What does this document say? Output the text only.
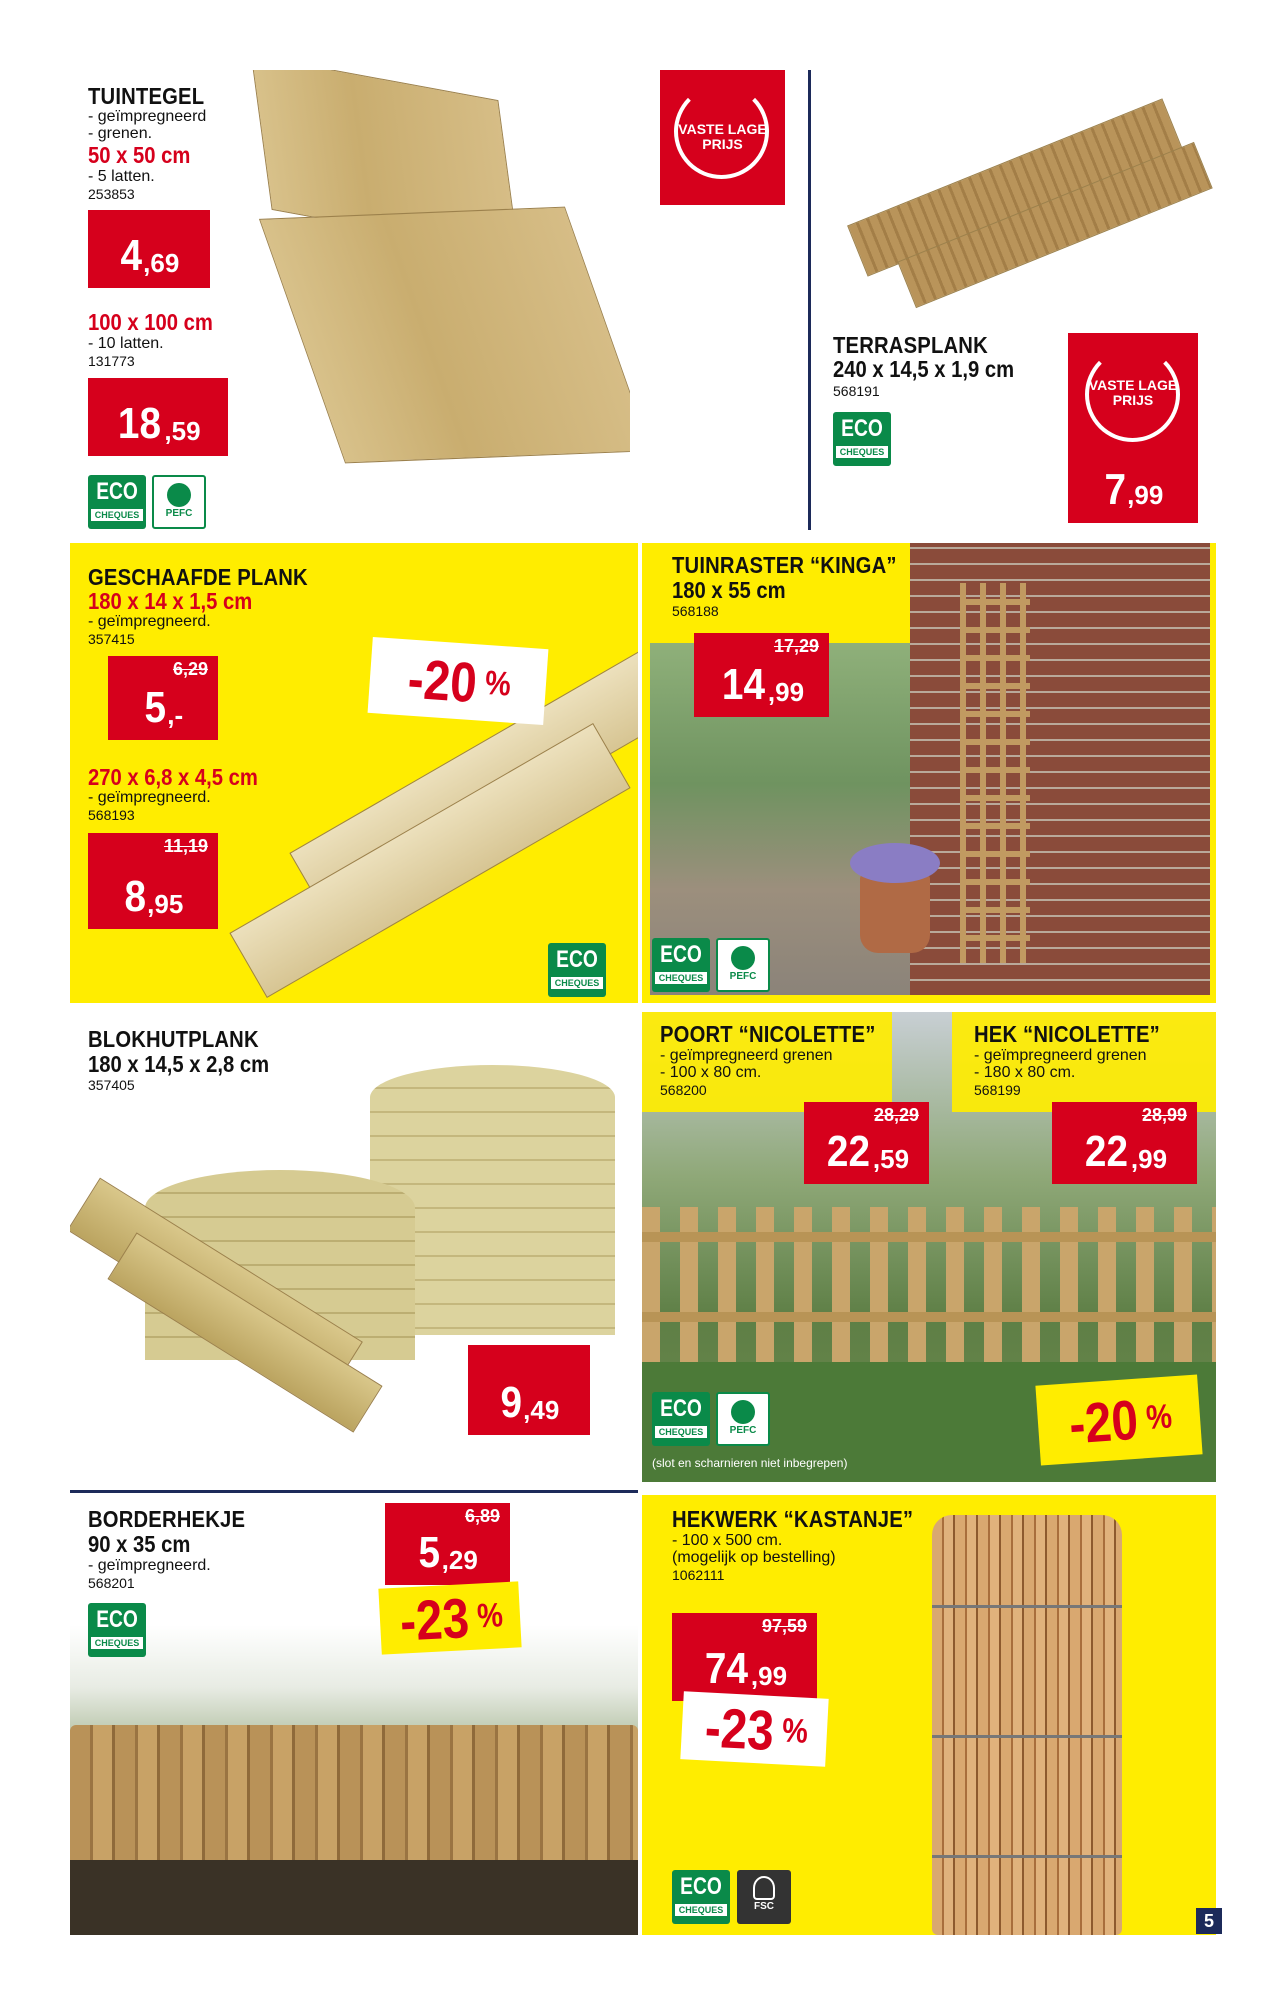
TUINTEGEL
- geïmpregneerd
- grenen.
50 x 50 cm
- 5 latten.
253853
4 ,69
100 x 100 cm
- 10 latten.
131773
18 ,59
ECO
CHEQUES	PEFC
VASTE LAGE
PRIJS
TERRASPLANK
240 x 14,5 x 1,9 cm
568191
ECO
CHEQUES
VASTE LAGE
PRIJS
7,99
GESCHAAFDE PLANK
180 x 14 x 1,5 cm
- geïmpregneerd.
357415
6,29
5 ,-
270 x 6,8 x 4,5 cm
- geïmpregneerd.
568193
11,19
8 ,95
-20 %
ECO
CHEQUES
TUINRASTER “KINGA”
180 x 55 cm
568188
17,29
14 ,99
ECO
CHEQUES	PEFC
BLOKHUTPLANK
180 x 14,5 x 2,8 cm
357405
9 ,49
POORT “NICOLETTE”
- geïmpregneerd grenen
- 100 x 80 cm.
568200
28,29
22 ,59
HEK “NICOLETTE”
- geïmpregneerd grenen
- 180 x 80 cm.
568199
28,99
22 ,99
ECO
CHEQUES	PEFC
(slot en scharnieren niet inbegrepen)
-20 %
BORDERHEKJE
90 x 35 cm
- geïmpregneerd.
568201
ECO
CHEQUES
6,89
5 ,29
-23 %
HEKWERK “KASTANJE”
- 100 x 500 cm.
(mogelijk op bestelling)
1062111
97,59
74 ,99
-23 %
ECO
CHEQUES	FSC
5
